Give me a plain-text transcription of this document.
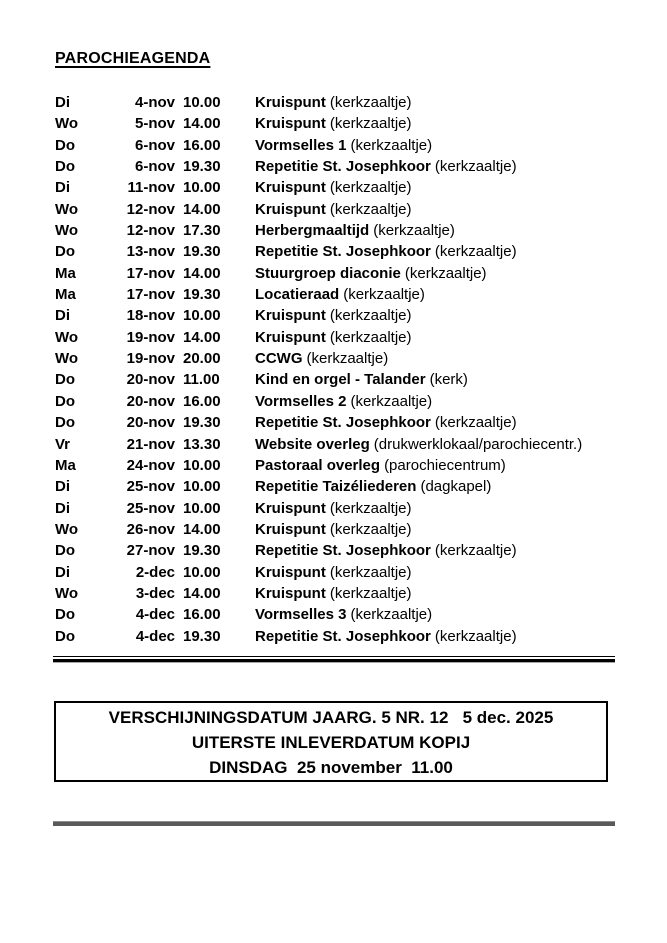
PAROCHIEAGENDA
Di	4-nov 10.00	Kruispunt (kerkzaaltje)
Wo	5-nov 14.00	Kruispunt (kerkzaaltje)
Do	6-nov 16.00	Vormselles 1 (kerkzaaltje)
Do	6-nov 19.30	Repetitie St. Josephkoor (kerkzaaltje)
Di	11-nov 10.00	Kruispunt (kerkzaaltje)
Wo	12-nov 14.00	Kruispunt (kerkzaaltje)
Wo	12-nov 17.30	Herbergmaaltijd (kerkzaaltje)
Do	13-nov 19.30	Repetitie St. Josephkoor (kerkzaaltje)
Ma	17-nov 14.00	Stuurgroep diaconie (kerkzaaltje)
Ma	17-nov 19.30	Locatieraad (kerkzaaltje)
Di	18-nov 10.00	Kruispunt (kerkzaaltje)
Wo	19-nov 14.00	Kruispunt (kerkzaaltje)
Wo	19-nov 20.00	CCWG (kerkzaaltje)
Do	20-nov 11.00	Kind en orgel - Talander (kerk)
Do	20-nov 16.00	Vormselles 2 (kerkzaaltje)
Do	20-nov 19.30	Repetitie St. Josephkoor (kerkzaaltje)
Vr	21-nov 13.30	Website overleg (drukwerklokaal/parochiecentr.)
Ma	24-nov 10.00	Pastoraal overleg (parochiecentrum)
Di	25-nov 10.00	Repetitie Taizéliederen (dagkapel)
Di	25-nov 10.00	Kruispunt (kerkzaaltje)
Wo	26-nov 14.00	Kruispunt (kerkzaaltje)
Do	27-nov 19.30	Repetitie St. Josephkoor (kerkzaaltje)
Di	2-dec 10.00	Kruispunt (kerkzaaltje)
Wo	3-dec 14.00	Kruispunt (kerkzaaltje)
Do	4-dec 16.00	Vormselles 3 (kerkzaaltje)
Do	4-dec 19.30	Repetitie St. Josephkoor (kerkzaaltje)
VERSCHIJNINGSDATUM JAARG. 5 NR. 12   5 dec. 2025
UITERSTE INLEVERDATUM KOPIJ
DINSDAG  25 november  11.00
